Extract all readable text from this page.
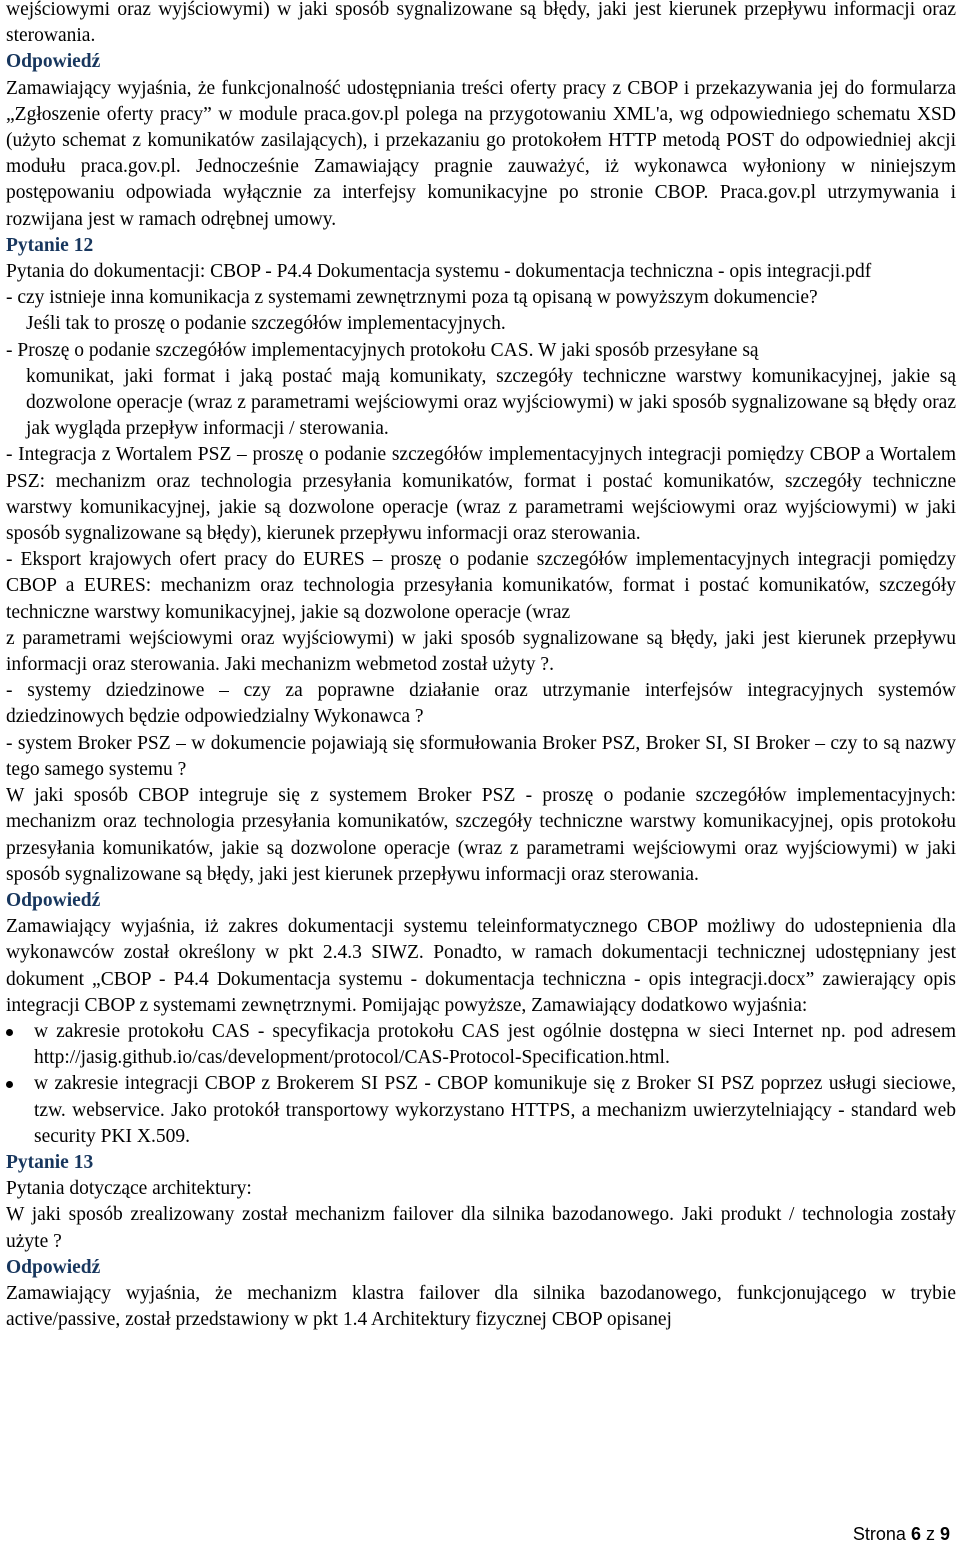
wejściowymi oraz wyjściowymi) w jaki sposób sygnalizowane są błędy, jaki jest kierunek przepływu informacji oraz sterowania.

Odpowiedź

Zamawiający wyjaśnia, że funkcjonalność udostępniania treści oferty pracy z CBOP i przekazywania jej do formularza „Zgłoszenie oferty pracy” w module praca.gov.pl polega na przygotowaniu XML'a, wg odpowiedniego schematu XSD (użyto schemat z komunikatów zasilających), i przekazaniu go protokołem HTTP metodą POST do odpowiedniej akcji modułu praca.gov.pl. Jednocześnie Zamawiający pragnie zauważyć, iż wykonawca wyłoniony w niniejszym postępowaniu odpowiada wyłącznie za interfejsy komunikacyjne po stronie CBOP. Praca.gov.pl utrzymywania i rozwijana jest w ramach odrębnej umowy.

Pytanie 12

Pytania do dokumentacji: CBOP - P4.4 Dokumentacja systemu - dokumentacja techniczna - opis integracji.pdf

- czy istnieje inna komunikacja z systemami zewnętrznymi poza tą opisaną w powyższym dokumencie?

Jeśli tak to proszę o podanie szczegółów implementacyjnych.

- Proszę o podanie szczegółów implementacyjnych protokołu CAS. W jaki sposób przesyłane są

komunikat, jaki format i jaką postać mają komunikaty, szczegóły techniczne warstwy komunikacyjnej, jakie są dozwolone operacje (wraz z parametrami wejściowymi oraz wyjściowymi) w jaki sposób sygnalizowane są błędy oraz jak wygląda przepływ informacji / sterowania.

- Integracja z Wortalem PSZ – proszę o podanie szczegółów implementacyjnych integracji pomiędzy CBOP a Wortalem PSZ: mechanizm oraz technologia przesyłania komunikatów, format i postać komunikatów, szczegóły techniczne warstwy komunikacyjnej, jakie są dozwolone operacje (wraz z parametrami wejściowymi oraz wyjściowymi) w jaki sposób sygnalizowane są błędy), kierunek przepływu informacji oraz sterowania.

- Eksport krajowych ofert pracy do EURES – proszę o podanie szczegółów implementacyjnych integracji pomiędzy CBOP a EURES: mechanizm oraz technologia przesyłania komunikatów, format i postać komunikatów, szczegóły techniczne warstwy komunikacyjnej, jakie są dozwolone operacje (wraz

z parametrami wejściowymi oraz wyjściowymi) w jaki sposób sygnalizowane są błędy, jaki jest kierunek przepływu informacji oraz sterowania. Jaki mechanizm webmetod został użyty ?.

- systemy dziedzinowe – czy za poprawne działanie oraz utrzymanie interfejsów integracyjnych systemów dziedzinowych będzie odpowiedzialny Wykonawca ?

- system Broker PSZ – w dokumencie pojawiają się sformułowania Broker PSZ, Broker SI, SI Broker – czy to są nazwy tego samego systemu ?

W jaki sposób CBOP integruje się z systemem Broker PSZ - proszę o podanie szczegółów implementacyjnych: mechanizm oraz technologia przesyłania komunikatów, szczegóły techniczne warstwy komunikacyjnej, opis protokołu przesyłania komunikatów, jakie są dozwolone operacje (wraz z parametrami wejściowymi oraz wyjściowymi) w jaki sposób sygnalizowane są błędy, jaki jest kierunek przepływu informacji oraz sterowania.

Odpowiedź

Zamawiający wyjaśnia, iż zakres dokumentacji systemu teleinformatycznego CBOP możliwy do udostepnienia dla wykonawców został określony w pkt 2.4.3 SIWZ. Ponadto, w ramach dokumentacji technicznej udostępniany jest dokument „CBOP - P4.4 Dokumentacja systemu - dokumentacja techniczna - opis integracji.docx” zawierający opis integracji CBOP z systemami zewnętrznymi. Pomijając powyższe, Zamawiający dodatkowo wyjaśnia:

w zakresie protokołu CAS - specyfikacja protokołu CAS jest ogólnie dostępna w sieci Internet np. pod adresem http://jasig.github.io/cas/development/protocol/CAS-Protocol-Specification.html.
w zakresie integracji CBOP z Brokerem SI PSZ - CBOP komunikuje się z Broker SI PSZ poprzez usługi sieciowe, tzw. webservice. Jako protokół transportowy wykorzystano HTTPS, a mechanizm uwierzytelniający - standard web security PKI X.509.

Pytanie 13

Pytania dotyczące architektury:

W jaki sposób zrealizowany został mechanizm failover dla silnika bazodanowego. Jaki produkt / technologia zostały użyte ?

Odpowiedź

Zamawiający wyjaśnia, że mechanizm klastra failover dla silnika bazodanowego, funkcjonującego w trybie active/passive, został przedstawiony w pkt 1.4 Architektury fizycznej CBOP opisanej

Strona 6 z 9
